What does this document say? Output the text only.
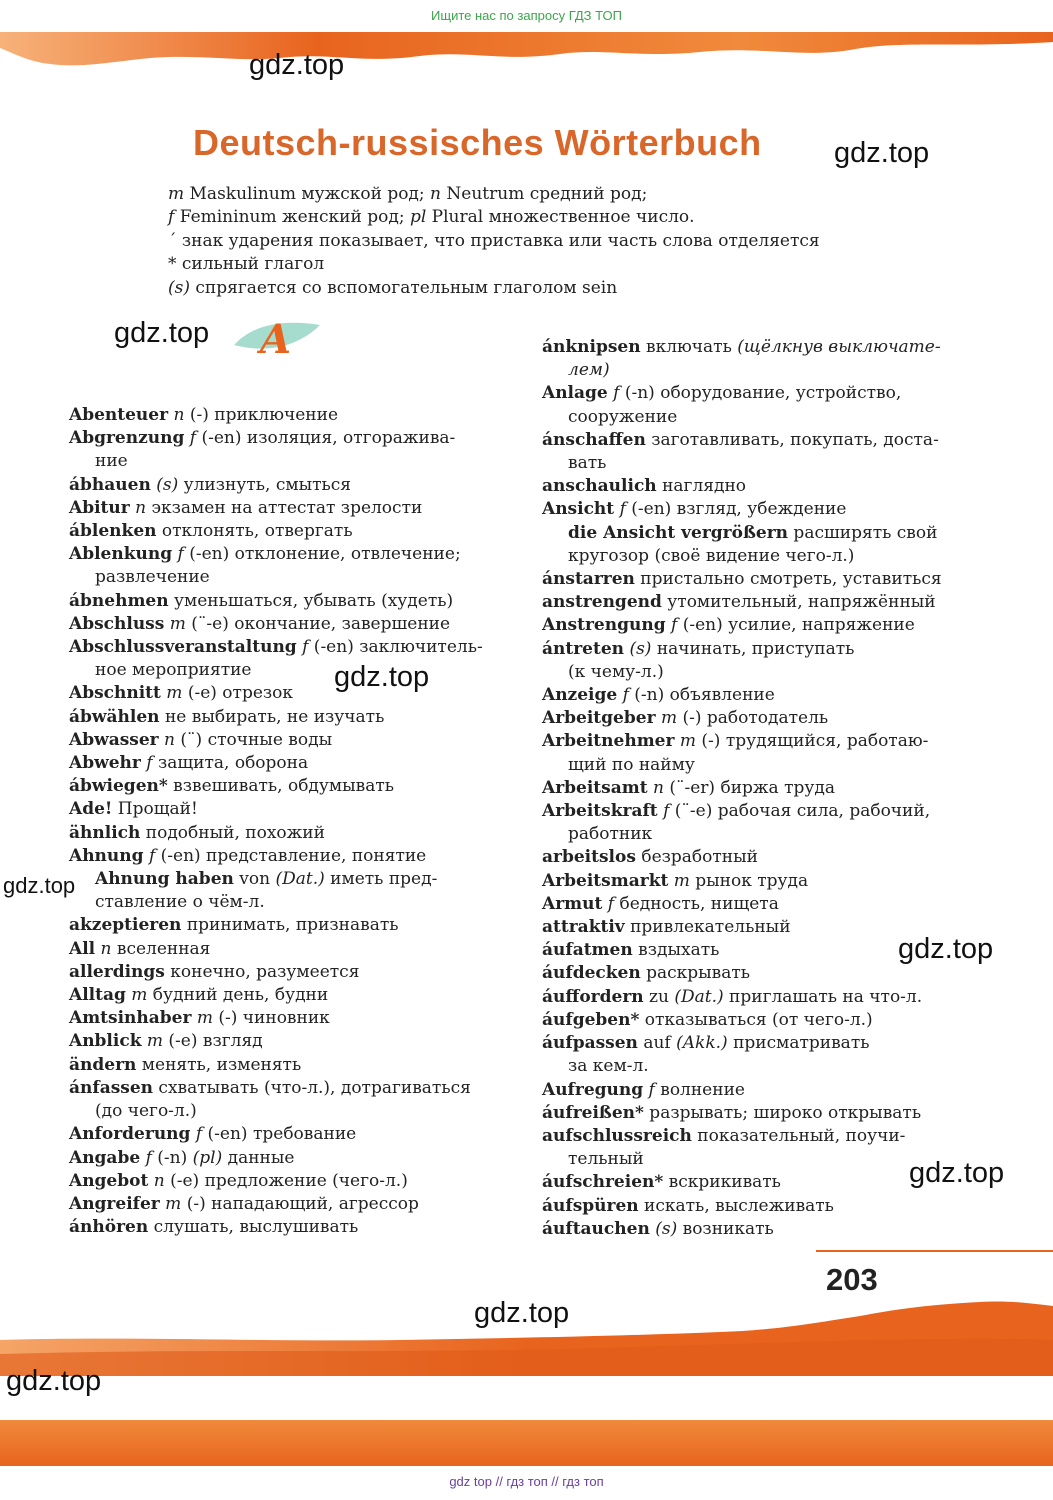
Ищите нас по запросу ГДЗ ТОП
gdz.top
Deutsch-russisches Wörterbuch gdz.top
m Maskulinum мужской род; n Neutrum средний род;
f Femininum женский род; pl Plural множественное число.
´ знак ударения показывает, что приставка или часть слова отделяется
* сильный глагол
(s) спрягается со вспомогательным глаголом sein
gdz.top A
Abenteuer n (-) приключение
Abgrenzung f (-en) изоляция, отгоражива-
ние
ábhauen (s) улизнуть, смыться
Abitur n экзамен на аттестат зрелости
áblenken отклонять, отвергать
Ablenkung f (-en) отклонение, отвлечение;
развлечение
ábnehmen уменьшаться, убывать (худеть)
Abschluss m (¨-e) окончание, завершение
Abschlussveranstaltung f (-en) заключитель-
ное мероприятие
Abschnitt m (-e) отрезок
ábwählen не выбирать, не изучать
Abwasser n (¨) сточные воды
Abwehr f защита, оборона
ábwiegen* взвешивать, обдумывать
Ade! Прощай!
ähnlich подобный, похожий
Ahnung f (-en) представление, понятие
Ahnung haben von (Dat.) иметь пред-
ставление о чём-л.
akzeptieren принимать, признавать
All n вселенная
allerdings конечно, разумеется
Alltag m будний день, будни
Amtsinhaber m (-) чиновник
Anblick m (-e) взгляд
ändern менять, изменять
ánfassen схватывать (что-л.), дотрагиваться
(до чего-л.)
Anforderung f (-en) требование
Angabe f (-n) (pl) данные
Angebot n (-e) предложение (чего-л.)
Angreifer m (-) нападающий, агрессор
ánhören слушать, выслушивать
ánknipsen включать (щёлкнув выключате-
лем)
Anlage f (-n) оборудование, устройство,
сооружение
ánschaffen заготавливать, покупать, доста-
вать
anschaulich наглядно
Ansicht f (-en) взгляд, убеждение
die Ansicht vergrößern расширять свой
кругозор (своё видение чего-л.)
ánstarren пристально смотреть, уставиться
anstrengend утомительный, напряжённый
Anstrengung f (-en) усилие, напряжение
ántreten (s) начинать, приступать
(к чему-л.)
Anzeige f (-n) объявление
Arbeitgeber m (-) работодатель
Arbeitnehmer m (-) трудящийся, работаю-
щий по найму
Arbeitsamt n (¨-er) биржа труда
Arbeitskraft f (¨-e) рабочая сила, рабочий,
работник
arbeitslos безработный
Arbeitsmarkt m рынок труда
Armut f бедность, нищета
attraktiv привлекательный
áufatmen вздыхать
áufdecken раскрывать
áuffordern zu (Dat.) приглашать на что-л.
áufgeben* отказываться (от чего-л.)
áufpassen auf (Akk.) присматривать
за кем-л.
Aufregung f волнение
áufreißen* разрывать; широко открывать
aufschlussreich показательный, поучи-
тельный
áufschreien* вскрикивать
áufspüren искать, выслеживать
áuftauchen (s) возникать
gdz.top
gdz.top
gdz.top
gdz.top
203
gdz.top
gdz.top
gdz top // гдз топ // гдз топ
